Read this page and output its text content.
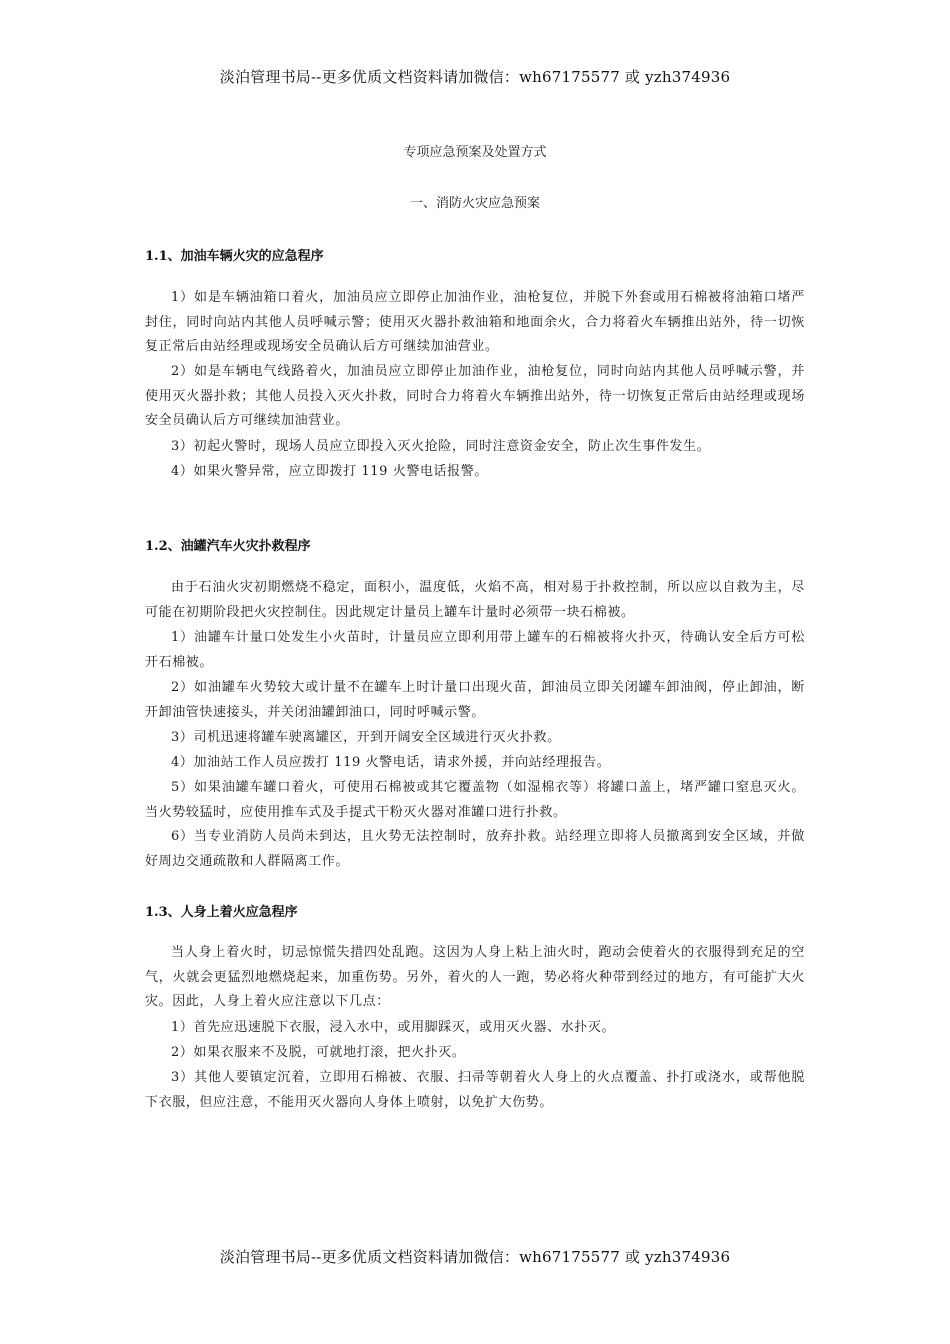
淡泊管理书局--更多优质文档资料请加微信：wh67175577 或 yzh374936
专项应急预案及处置方式
一、消防火灾应急预案
1.1、加油车辆火灾的应急程序

1）如是车辆油箱口着火，加油员应立即停止加油作业，油枪复位，并脱下外套或用石棉被将油箱口堵严封住，同时向站内其他人员呼喊示警；使用灭火器扑救油箱和地面余火，合力将着火车辆推出站外，待一切恢复正常后由站经理或现场安全员确认后方可继续加油营业。

2）如是车辆电气线路着火，加油员应立即停止加油作业，油枪复位，同时向站内其他人员呼喊示警，并使用灭火器扑救；其他人员投入灭火扑救，同时合力将着火车辆推出站外，待一切恢复正常后由站经理或现场安全员确认后方可继续加油营业。

3）初起火警时，现场人员应立即投入灭火抢险，同时注意资金安全，防止次生事件发生。

4）如果火警异常，应立即拨打 119 火警电话报警。

1.2、油罐汽车火灾扑救程序

由于石油火灾初期燃烧不稳定，面积小，温度低，火焰不高，相对易于扑救控制，所以应以自救为主，尽可能在初期阶段把火灾控制住。因此规定计量员上罐车计量时必须带一块石棉被。

1）油罐车计量口处发生小火苗时，计量员应立即利用带上罐车的石棉被将火扑灭，待确认安全后方可松开石棉被。

2）如油罐车火势较大或计量不在罐车上时计量口出现火苗，卸油员立即关闭罐车卸油阀，停止卸油，断开卸油管快速接头，并关闭油罐卸油口，同时呼喊示警。

3）司机迅速将罐车驶离罐区，开到开阔安全区域进行灭火扑救。

4）加油站工作人员应拨打 119 火警电话，请求外援，并向站经理报告。

5）如果油罐车罐口着火，可使用石棉被或其它覆盖物（如湿棉衣等）将罐口盖上，堵严罐口窒息灭火。当火势较猛时，应使用推车式及手提式干粉灭火器对准罐口进行扑救。

6）当专业消防人员尚未到达，且火势无法控制时，放弃扑救。站经理立即将人员撤离到安全区域，并做好周边交通疏散和人群隔离工作。

1.3、人身上着火应急程序

当人身上着火时，切忌惊慌失措四处乱跑。这因为人身上粘上油火时，跑动会使着火的衣服得到充足的空气，火就会更猛烈地燃烧起来，加重伤势。另外，着火的人一跑，势必将火种带到经过的地方，有可能扩大火灾。因此，人身上着火应注意以下几点：

1）首先应迅速脱下衣服，浸入水中，或用脚踩灭，或用灭火器、水扑灭。

2）如果衣服来不及脱，可就地打滚，把火扑灭。

3）其他人要镇定沉着，立即用石棉被、衣服、扫帚等朝着火人身上的火点覆盖、扑打或浇水，或帮他脱下衣服，但应注意，不能用灭火器向人身体上喷射，以免扩大伤势。

淡泊管理书局--更多优质文档资料请加微信：wh67175577 或 yzh374936
